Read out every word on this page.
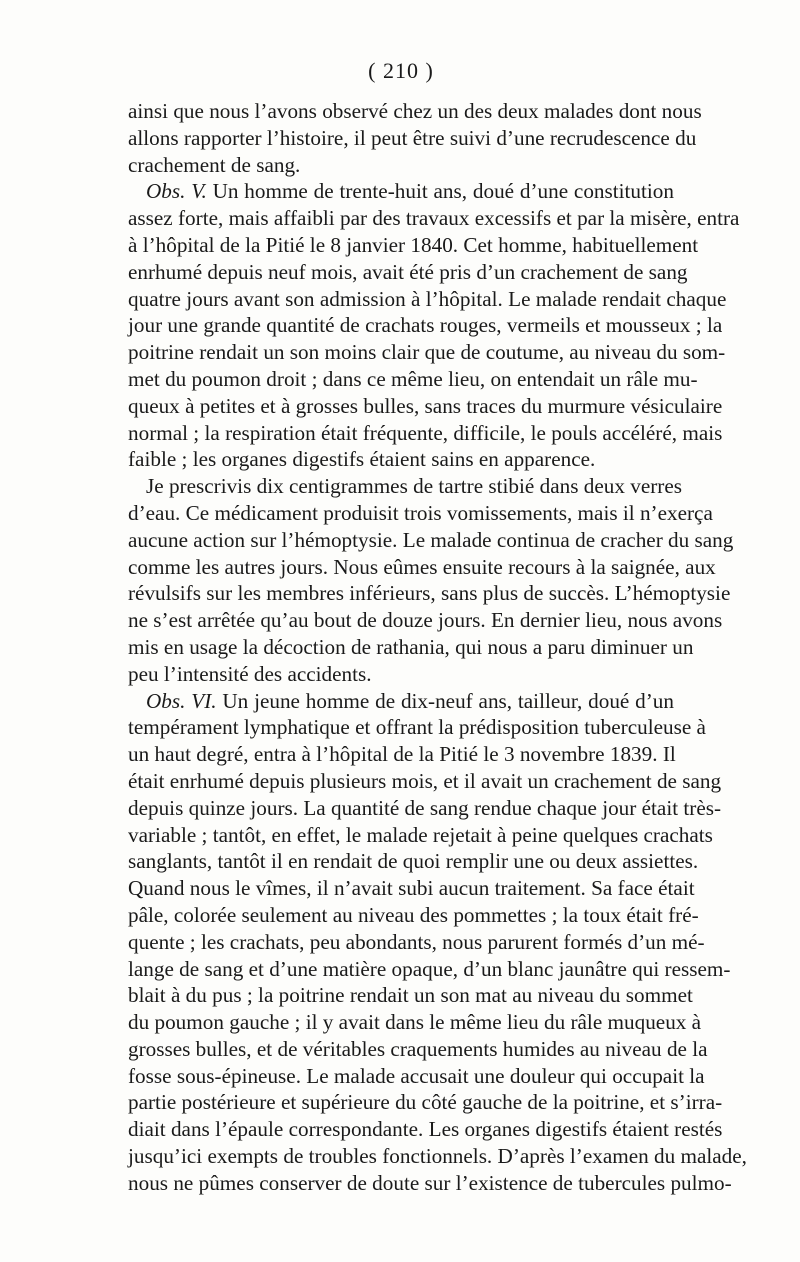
( 210 )
ainsi que nous l’avons observé chez un des deux malades dont nous
allons rapporter l’histoire, il peut être suivi d’une recrudescence du
crachement de sang.
Obs. V. Un homme de trente-huit ans, doué d’une constitution
assez forte, mais affaibli par des travaux excessifs et par la misère, entra
à l’hôpital de la Pitié le 8 janvier 1840. Cet homme, habituellement
enrhumé depuis neuf mois, avait été pris d’un crachement de sang
quatre jours avant son admission à l’hôpital. Le malade rendait chaque
jour une grande quantité de crachats rouges, vermeils et mousseux ; la
poitrine rendait un son moins clair que de coutume, au niveau du som-
met du poumon droit ; dans ce même lieu, on entendait un râle mu-
queux à petites et à grosses bulles, sans traces du murmure vésiculaire
normal ; la respiration était fréquente, difficile, le pouls accéléré, mais
faible ; les organes digestifs étaient sains en apparence.
Je prescrivis dix centigrammes de tartre stibié dans deux verres
d’eau. Ce médicament produisit trois vomissements, mais il n’exerça
aucune action sur l’hémoptysie. Le malade continua de cracher du sang
comme les autres jours. Nous eûmes ensuite recours à la saignée, aux
révulsifs sur les membres inférieurs, sans plus de succès. L’hémoptysie
ne s’est arrêtée qu’au bout de douze jours. En dernier lieu, nous avons
mis en usage la décoction de rathania, qui nous a paru diminuer un
peu l’intensité des accidents.
Obs. VI. Un jeune homme de dix-neuf ans, tailleur, doué d’un
tempérament lymphatique et offrant la prédisposition tuberculeuse à
un haut degré, entra à l’hôpital de la Pitié le 3 novembre 1839. Il
était enrhumé depuis plusieurs mois, et il avait un crachement de sang
depuis quinze jours. La quantité de sang rendue chaque jour était très-
variable ; tantôt, en effet, le malade rejetait à peine quelques crachats
sanglants, tantôt il en rendait de quoi remplir une ou deux assiettes.
Quand nous le vîmes, il n’avait subi aucun traitement. Sa face était
pâle, colorée seulement au niveau des pommettes ; la toux était fré-
quente ; les crachats, peu abondants, nous parurent formés d’un mé-
lange de sang et d’une matière opaque, d’un blanc jaunâtre qui ressem-
blait à du pus ; la poitrine rendait un son mat au niveau du sommet
du poumon gauche ; il y avait dans le même lieu du râle muqueux à
grosses bulles, et de véritables craquements humides au niveau de la
fosse sous-épineuse. Le malade accusait une douleur qui occupait la
partie postérieure et supérieure du côté gauche de la poitrine, et s’irra-
diait dans l’épaule correspondante. Les organes digestifs étaient restés
jusqu’ici exempts de troubles fonctionnels. D’après l’examen du malade,
nous ne pûmes conserver de doute sur l’existence de tubercules pulmo-
